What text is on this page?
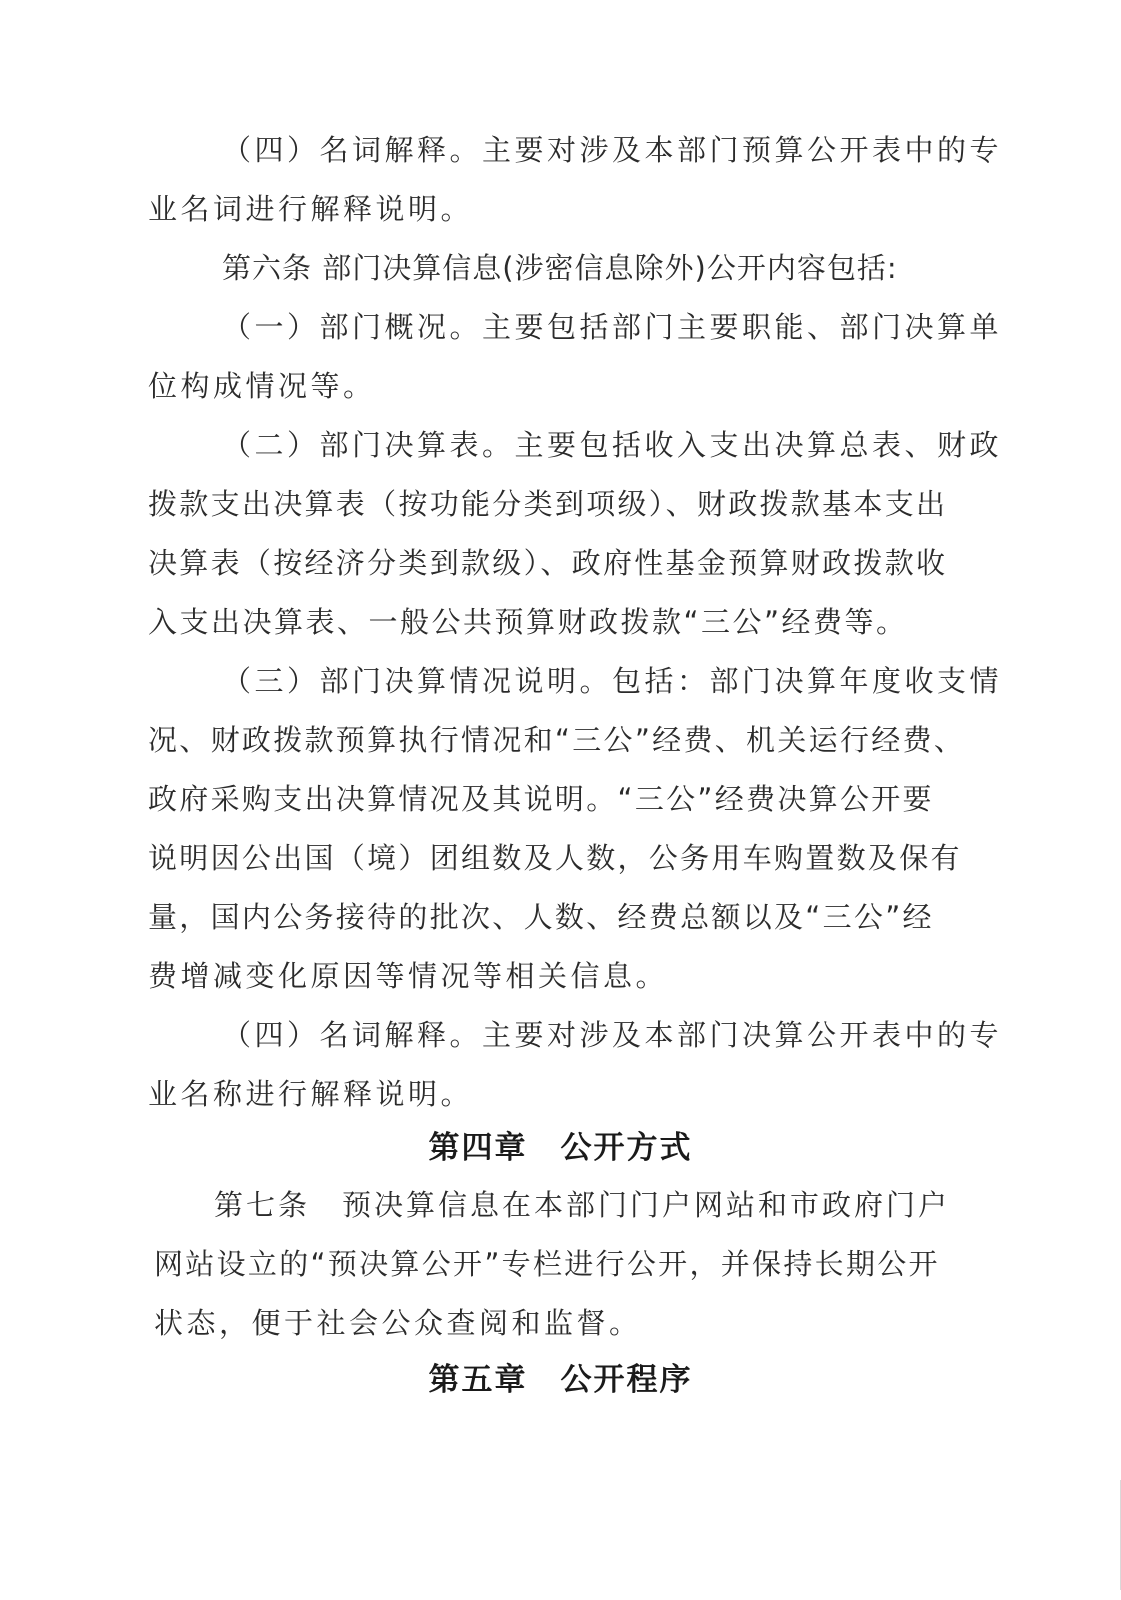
（四）名词解释。主要对涉及本部门预算公开表中的专
业名词进行解释说明。
第六条 部门决算信息(涉密信息除外)公开内容包括:
（一）部门概况。主要包括部门主要职能、部门决算单
位构成情况等。
（二）部门决算表。主要包括收入支出决算总表、财政
拨款支出决算表（按功能分类到项级）、财政拨款基本支出
决算表（按经济分类到款级）、政府性基金预算财政拨款收
入支出决算表、一般公共预算财政拨款“三公”经费等。
（三）部门决算情况说明。包括：部门决算年度收支情
况、财政拨款预算执行情况和“三公”经费、机关运行经费、
政府采购支出决算情况及其说明。“三公”经费决算公开要
说明因公出国（境）团组数及人数，公务用车购置数及保有
量，国内公务接待的批次、人数、经费总额以及“三公”经
费增减变化原因等情况等相关信息。
（四）名词解释。主要对涉及本部门决算公开表中的专
业名称进行解释说明。
第四章　公开方式
第七条　预决算信息在本部门门户网站和市政府门户
网站设立的“预决算公开”专栏进行公开，并保持长期公开
状态，便于社会公众查阅和监督。
第五章　公开程序
